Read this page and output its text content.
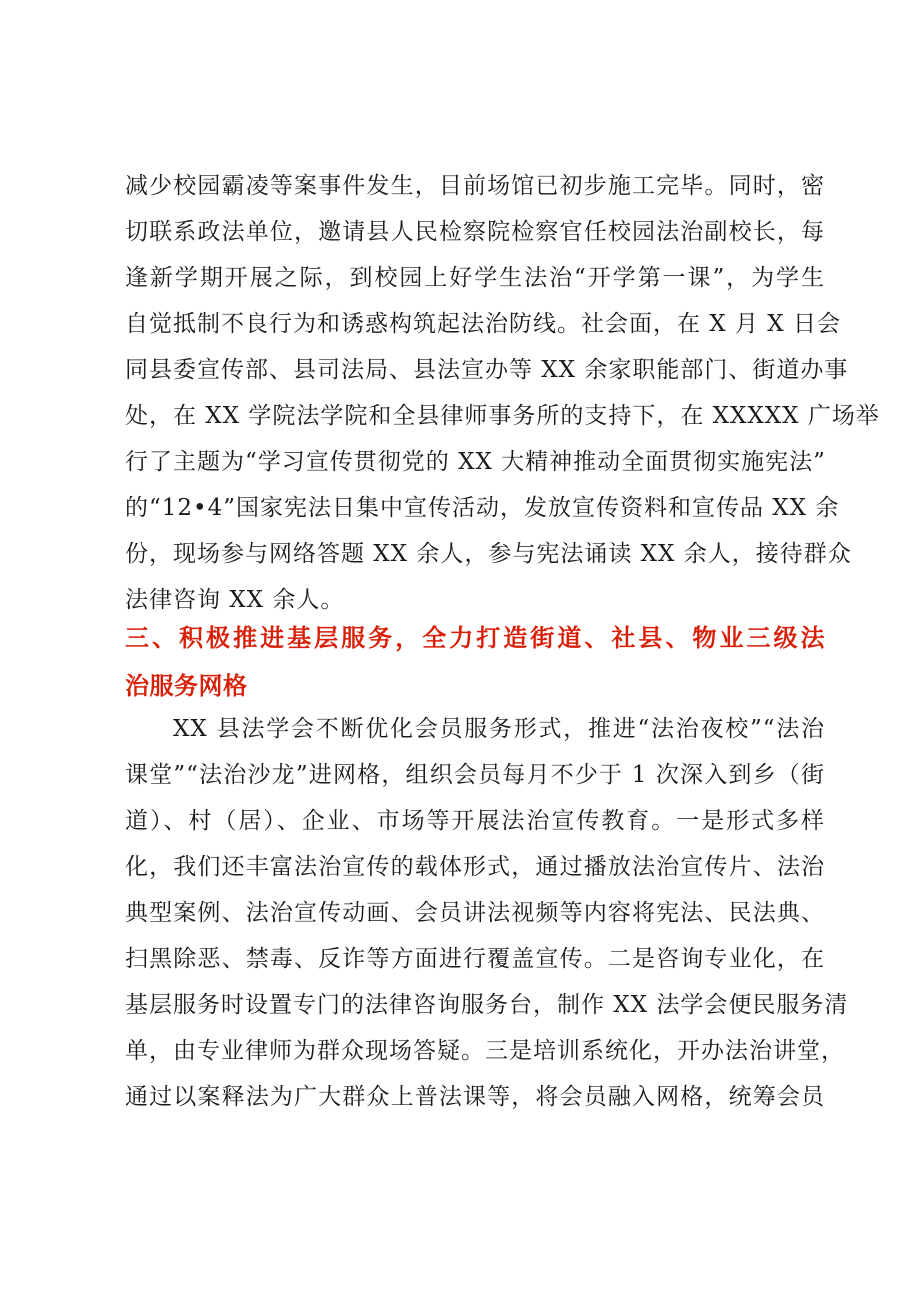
减少校园霸凌等案事件发生，目前场馆已初步施工完毕。同时，密
切联系政法单位，邀请县人民检察院检察官任校园法治副校长，每
逢新学期开展之际，到校园上好学生法治“开学第一课”，为学生
自觉抵制不良行为和诱惑构筑起法治防线。社会面，在 X 月 X 日会
同县委宣传部、县司法局、县法宣办等 XX 余家职能部门、街道办事
处，在 XX 学院法学院和全县律师事务所的支持下，在 XXXXX 广场举
行了主题为“学习宣传贯彻党的 XX 大精神推动全面贯彻实施宪法”
的“12•4”国家宪法日集中宣传活动，发放宣传资料和宣传品 XX 余
份，现场参与网络答题 XX 余人，参与宪法诵读 XX 余人，接待群众
法律咨询 XX 余人。
三、积极推进基层服务，全力打造街道、社县、物业三级法
治服务网格
XX 县法学会不断优化会员服务形式，推进“法治夜校”“法治
课堂”“法治沙龙”进网格，组织会员每月不少于 1 次深入到乡（街
道）、村（居）、企业、市场等开展法治宣传教育。一是形式多样
化，我们还丰富法治宣传的载体形式，通过播放法治宣传片、法治
典型案例、法治宣传动画、会员讲法视频等内容将宪法、民法典、
扫黑除恶、禁毒、反诈等方面进行覆盖宣传。二是咨询专业化，在
基层服务时设置专门的法律咨询服务台，制作 XX 法学会便民服务清
单，由专业律师为群众现场答疑。三是培训系统化，开办法治讲堂，
通过以案释法为广大群众上普法课等，将会员融入网格，统筹会员
